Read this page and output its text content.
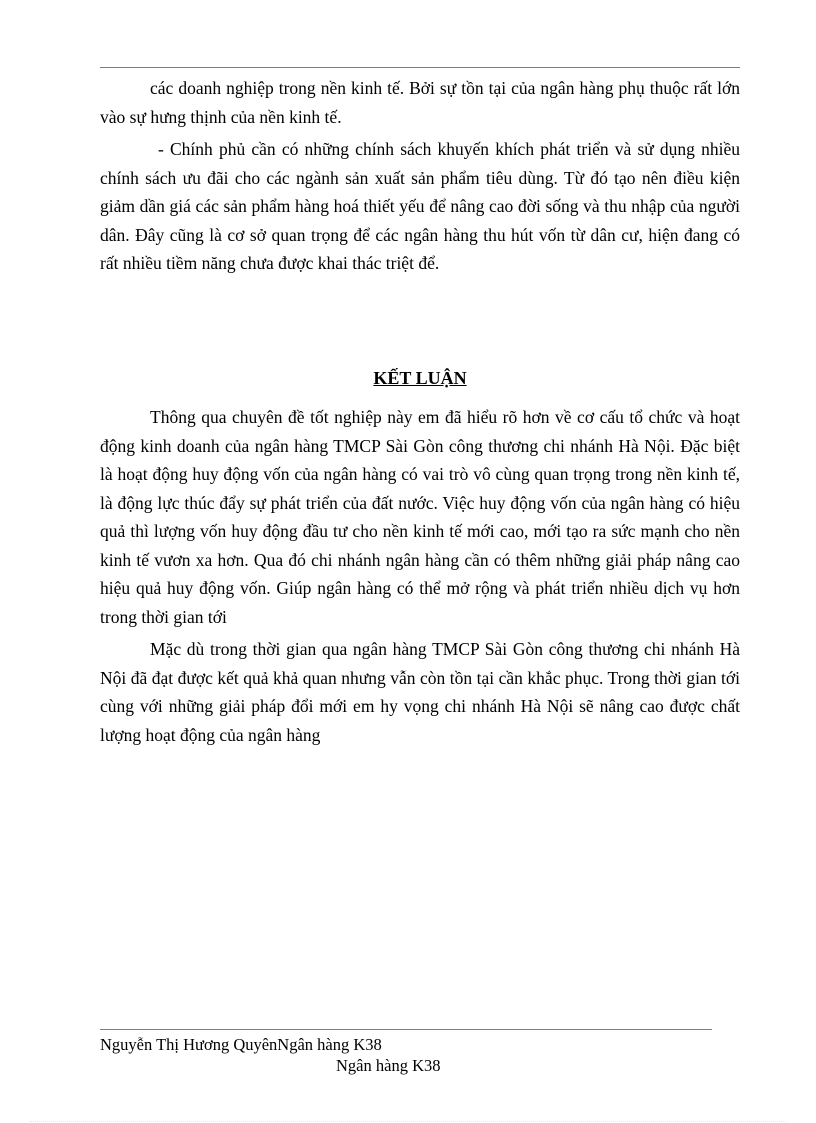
các doanh nghiệp trong nền kinh tế. Bởi sự tồn tại của ngân hàng phụ thuộc rất lớn vào sự hưng thịnh của nền kinh tế.

- Chính phủ cần có những chính sách khuyến khích phát triển và sử dụng nhiều chính sách ưu đãi cho các ngành sản xuất sản phẩm tiêu dùng. Từ đó tạo nên điều kiện giảm dần giá các sản phẩm hàng hoá thiết yếu để nâng cao đời sống và thu nhập của người dân. Đây cũng là cơ sở quan trọng để các ngân hàng thu hút vốn từ dân cư, hiện đang có rất nhiều tiềm năng chưa được khai thác triệt để.

KẾT LUẬN

Thông qua chuyên đề tốt nghiệp này em đã hiểu rõ hơn về cơ cấu tổ chức và hoạt động kinh doanh của ngân hàng TMCP Sài Gòn công thương chi nhánh Hà Nội. Đặc biệt là hoạt động huy động vốn của ngân hàng có vai trò vô cùng quan trọng trong nền kinh tế, là động lực thúc đẩy sự phát triển của đất nước. Việc huy động vốn của ngân hàng có hiệu quả thì lượng vốn huy động đầu tư cho nền kinh tế mới cao, mới tạo ra sức mạnh cho nền kinh tế vươn xa hơn. Qua đó chi nhánh ngân hàng cần có thêm những giải pháp nâng cao hiệu quả huy động vốn. Giúp ngân hàng có thể mở rộng và phát triển nhiều dịch vụ hơn trong thời gian tới

Mặc dù trong thời gian qua ngân hàng TMCP Sài Gòn công thương chi nhánh Hà Nội đã đạt được kết quả khả quan nhưng vẫn còn tồn tại cần khắc phục. Trong thời gian tới cùng với những giải pháp đổi mới em hy vọng chi nhánh Hà Nội sẽ nâng cao được chất lượng hoạt động của ngân hàng

Nguyễn Thị Hương QuyênNgân hàng K38
Ngân hàng K38
